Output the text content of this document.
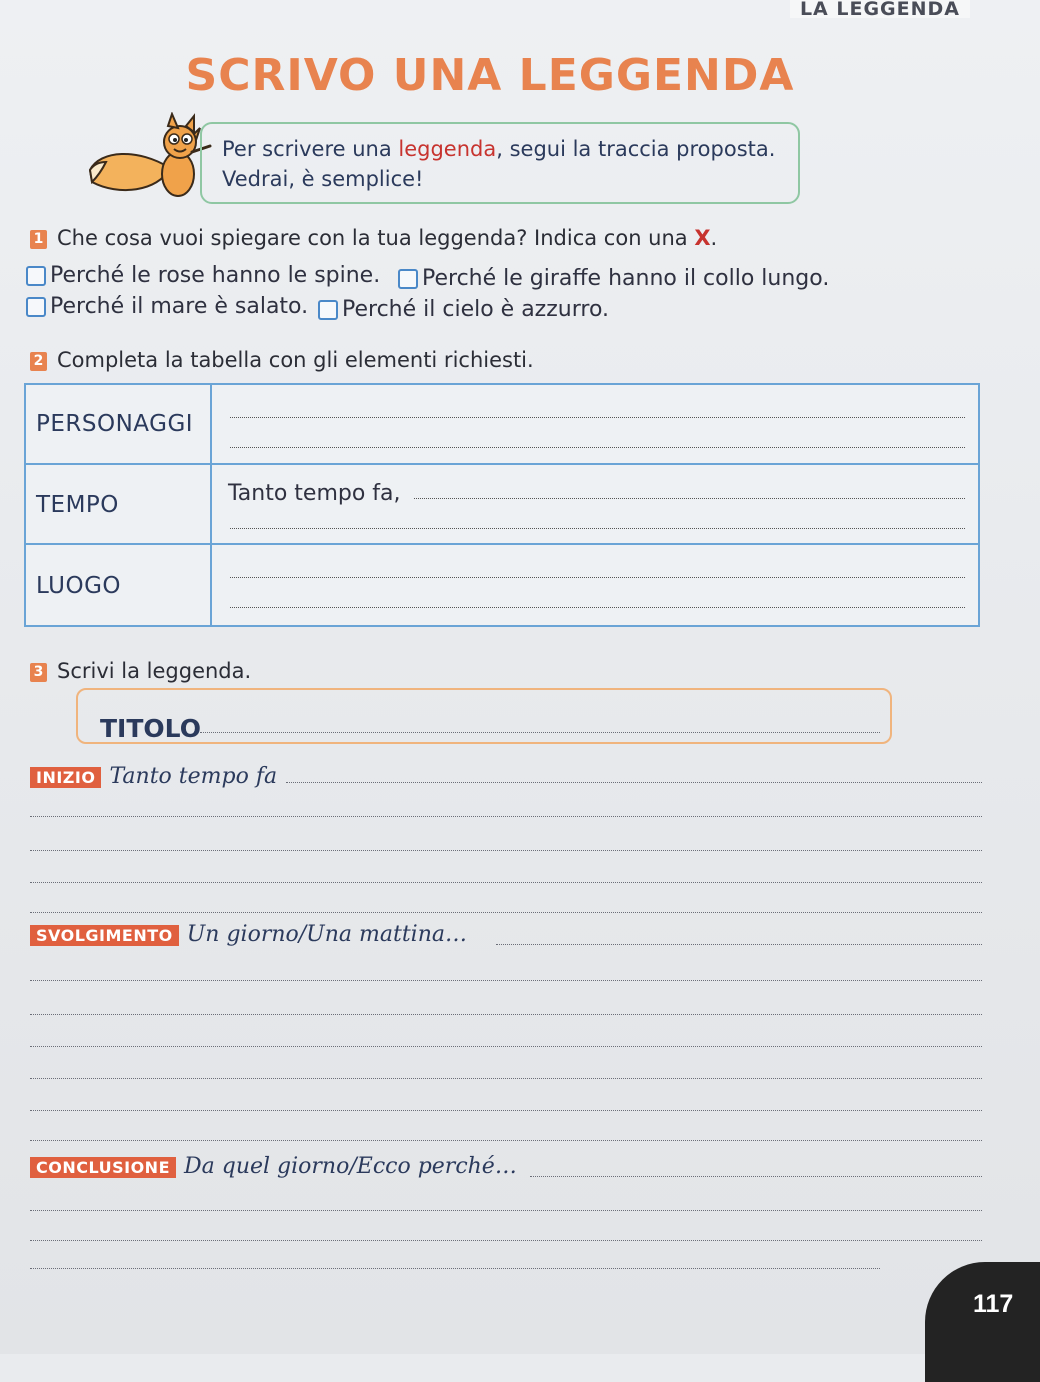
LA LEGGENDA
SCRIVO UNA LEGGENDA
Per scrivere una leggenda, segui la traccia proposta.
Vedrai, è semplice!
1 Che cosa vuoi spiegare con la tua leggenda? Indica con una X.
Perché le rose hanno le spine. Perché le giraffe hanno il collo lungo.
Perché il mare è salato. Perché il cielo è azzurro.
2 Completa la tabella con gli elementi richiesti.
PERSONAGGI
TEMPO	Tanto tempo fa,
LUOGO
3 Scrivi la leggenda.
TITOLO
INIZIO Tanto tempo fa
SVOLGIMENTO Un giorno/Una mattina…
CONCLUSIONE Da quel giorno/Ecco perché…
117
